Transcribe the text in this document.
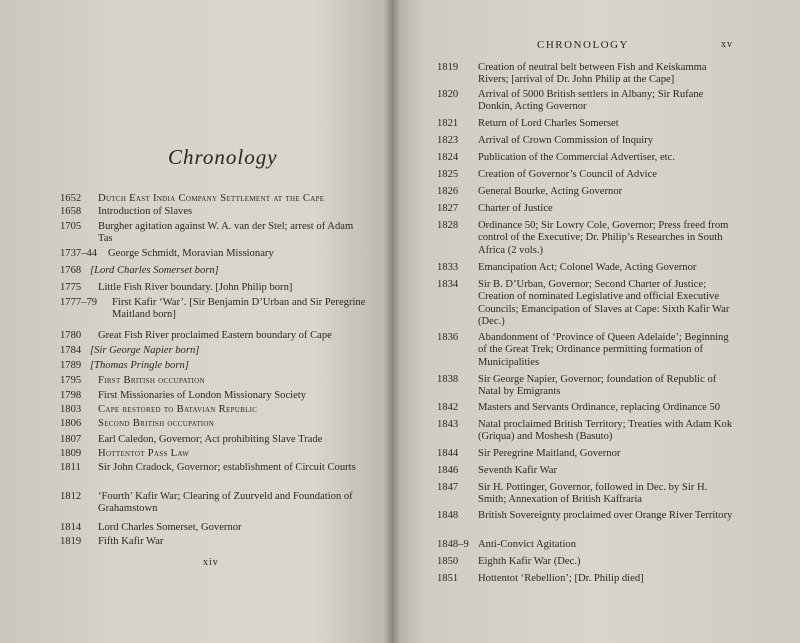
CHRONOLOGY	xv
Chronology
1652 Dutch East India Company Settlement at the Cape
1658 Introduction of Slaves
1705 Burgher agitation against W. A. van der Stel; arrest of Adam Tas
1737–44 George Schmidt, Moravian Missionary
1768 [Lord Charles Somerset born]
1775 Little Fish River boundary. [John Philip born]
1777–79 First Kafir ‘War’. [Sir Benjamin D’Urban and Sir Peregrine Maitland born]
1780 Great Fish River proclaimed Eastern boundary of Cape
1784 [Sir George Napier born]
1789 [Thomas Pringle born]
1795 First British occupation
1798 First Missionaries of London Missionary Society
1803 Cape restored to Batavian Republic
1806 Second British occupation
1807 Earl Caledon, Governor; Act prohibiting Slave Trade
1809 Hottentot Pass Law
1811 Sir John Cradock, Governor; establishment of Circuit Courts
1812 ‘Fourth’ Kafir War; Clearing of Zuurveld and Foundation of Grahamstown
1814 Lord Charles Somerset, Governor
1819 Fifth Kafir War
xiv
1819 Creation of neutral belt between Fish and Keiskamma Rivers; [arrival of Dr. John Philip at the Cape]
1820 Arrival of 5000 British settlers in Albany; Sir Rufane Donkin, Acting Governor
1821 Return of Lord Charles Somerset
1823 Arrival of Crown Commission of Inquiry
1824 Publication of the Commercial Advertiser, etc.
1825 Creation of Governor’s Council of Advice
1826 General Bourke, Acting Governor
1827 Charter of Justice
1828 Ordinance 50; Sir Lowry Cole, Governor; Press freed from control of the Executive; Dr. Philip’s Researches in South Africa (2 vols.)
1833 Emancipation Act; Colonel Wade, Acting Governor
1834 Sir B. D’Urban, Governor; Second Charter of Justice; Creation of nominated Legislative and official Executive Councils; Emancipation of Slaves at Cape: Sixth Kafir War (Dec.)
1836 Abandonment of ‘Province of Queen Adelaide’; Beginning of the Great Trek; Ordinance permitting formation of Municipalities
1838 Sir George Napier, Governor; foundation of Republic of Natal by Emigrants
1842 Masters and Servants Ordinance, replacing Ordinance 50
1843 Natal proclaimed British Territory; Treaties with Adam Kok (Griqua) and Moshesh (Basuto)
1844 Sir Peregrine Maitland, Governor
1846 Seventh Kafir War
1847 Sir H. Pottinger, Governor, followed in Dec. by Sir H. Smith; Annexation of British Kaffraria
1848 British Sovereignty proclaimed over Orange River Territory
1848–9 Anti-Convict Agitation
1850 Eighth Kafir War (Dec.)
1851 Hottentot ‘Rebellion’; [Dr. Philip died]
